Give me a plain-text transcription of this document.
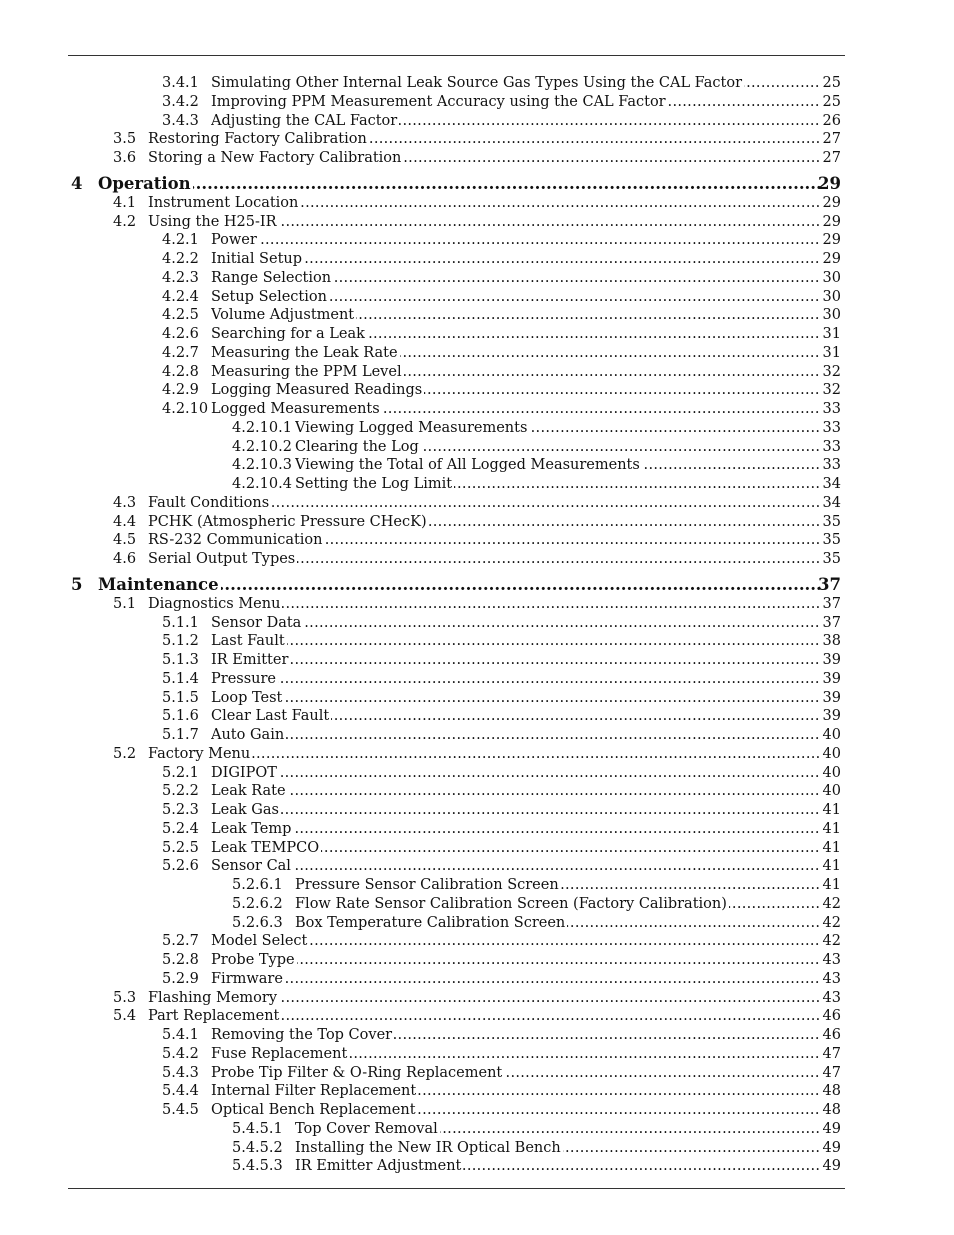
3.4.1 Simulating Other Internal Leak Source Gas Types Using the CAL Factor .....	25
3.4.2 Improving PPM Measurement Accuracy using the CAL Factor .....	25
3.4.3 Adjusting the CAL Factor .....	26
3.5 Restoring Factory Calibration .....	27
3.6 Storing a New Factory Calibration .....	27
4 Operation .....	29
4.1 Instrument Location .....	29
4.2 Using the H25-IR .....	29
4.2.1 Power .....	29
4.2.2 Initial Setup .....	29
4.2.3 Range Selection .....	30
4.2.4 Setup Selection .....	30
4.2.5 Volume Adjustment .....	30
4.2.6 Searching for a Leak .....	31
4.2.7 Measuring the Leak Rate .....	31
4.2.8 Measuring the PPM Level .....	32
4.2.9 Logging Measured Readings .....	32
4.2.10 Logged Measurements .....	33
4.2.10.1 Viewing Logged Measurements .....	33
4.2.10.2 Clearing the Log .....	33
4.2.10.3 Viewing the Total of All Logged Measurements .....	33
4.2.10.4 Setting the Log Limit .....	34
4.3 Fault Conditions .....	34
4.4 PCHK (Atmospheric Pressure CHecK) .....	35
4.5 RS-232 Communication .....	35
4.6 Serial Output Types .....	35
5 Maintenance .....	37
5.1 Diagnostics Menu .....	37
5.1.1 Sensor Data .....	37
5.1.2 Last Fault .....	38
5.1.3 IR Emitter .....	39
5.1.4 Pressure .....	39
5.1.5 Loop Test .....	39
5.1.6 Clear Last Fault .....	39
5.1.7 Auto Gain .....	40
5.2 Factory Menu .....	40
5.2.1 DIGIPOT .....	40
5.2.2 Leak Rate .....	40
5.2.3 Leak Gas .....	41
5.2.4 Leak Temp .....	41
5.2.5 Leak TEMPCO .....	41
5.2.6 Sensor Cal .....	41
5.2.6.1 Pressure Sensor Calibration Screen .....	41
5.2.6.2 Flow Rate Sensor Calibration Screen (Factory Calibration) .....	42
5.2.6.3 Box Temperature Calibration Screen .....	42
5.2.7 Model Select .....	42
5.2.8 Probe Type .....	43
5.2.9 Firmware .....	43
5.3 Flashing Memory .....	43
5.4 Part Replacement .....	46
5.4.1 Removing the Top Cover .....	46
5.4.2 Fuse Replacement .....	47
5.4.3 Probe Tip Filter & O-Ring Replacement .....	47
5.4.4 Internal Filter Replacement .....	48
5.4.5 Optical Bench Replacement .....	48
5.4.5.1 Top Cover Removal .....	49
5.4.5.2 Installing the New IR Optical Bench .....	49
5.4.5.3 IR Emitter Adjustment .....	49
